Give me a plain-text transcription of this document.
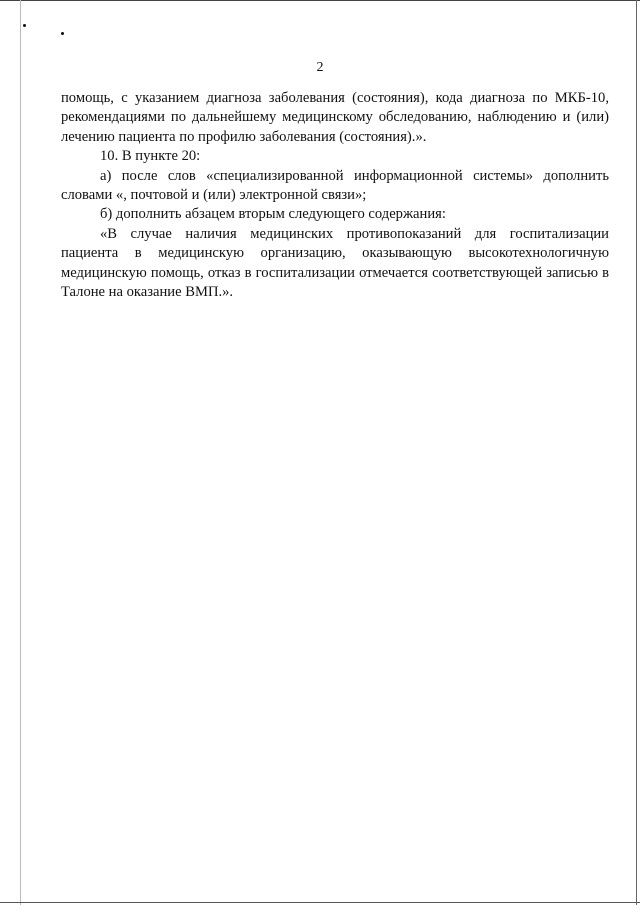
2

помощь, с указанием диагноза заболевания (состояния), кода диагноза по МКБ-10, рекомендациями по дальнейшему медицинскому обследованию, наблюдению и (или) лечению пациента по профилю заболевания (состояния).».

10. В пункте 20:

а) после слов «специализированной информационной системы» дополнить словами «, почтовой и (или) электронной связи»;

б) дополнить абзацем вторым следующего содержания:

«В случае наличия медицинских противопоказаний для госпитализации пациента в медицинскую организацию, оказывающую высокотехнологичную медицинскую помощь, отказ в госпитализации отмечается соответствующей записью в Талоне на оказание ВМП.».
